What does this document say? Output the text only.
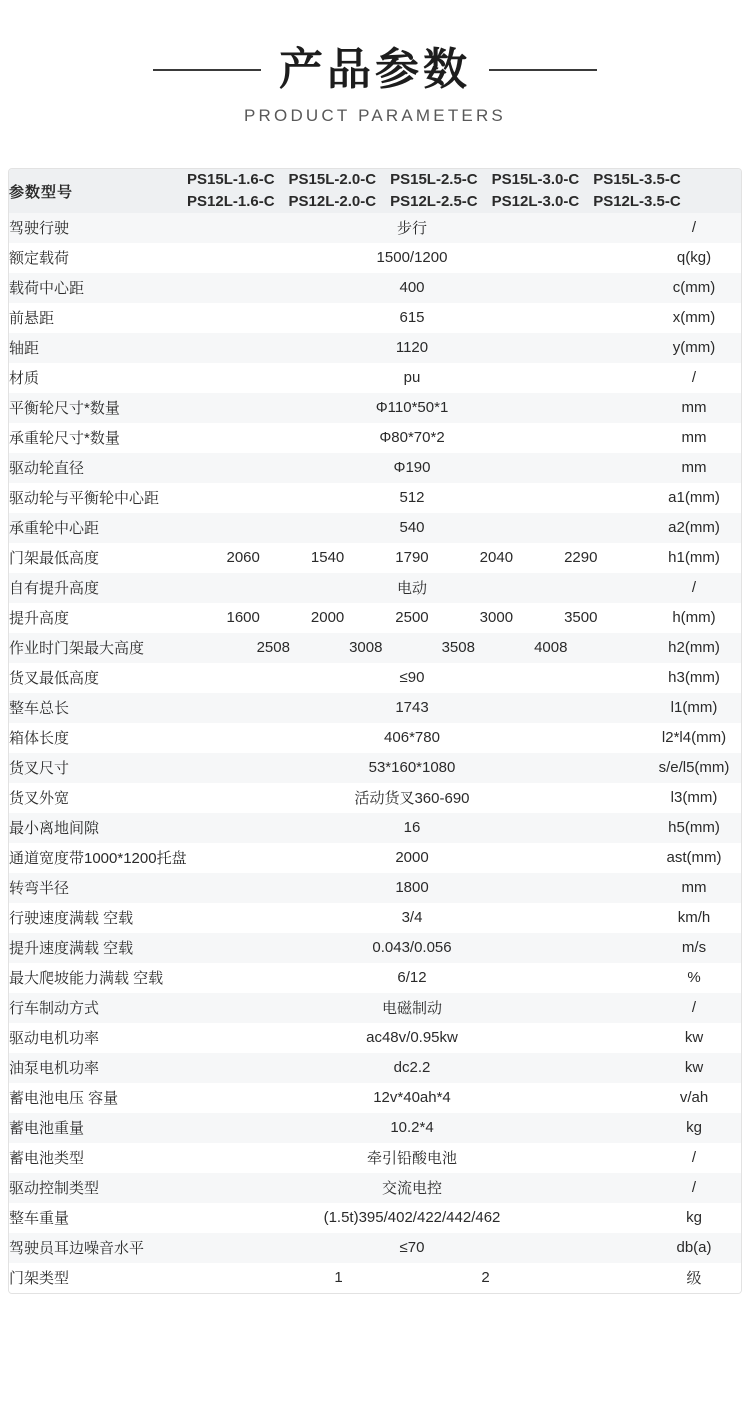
产品参数
PRODUCT PARAMETERS
参数型号	
PS15L-1.6-C PS15L-2.0-C PS15L-2.5-C PS15L-3.0-C PS15L-3.5-C
PS12L-1.6-C PS12L-2.0-C PS12L-2.5-C PS12L-3.0-C PS12L-3.5-C

驾驶行驶	步行	/
额定载荷	1500/1200	q(kg)
载荷中心距	400	c(mm)
前悬距	615	x(mm)
轴距	1120	y(mm)
材质	pu	/
平衡轮尺寸*数量	Φ110*50*1	mm
承重轮尺寸*数量	Φ80*70*2	mm
驱动轮直径	Φ190	mm
驱动轮与平衡轮中心距	512	a1(mm)
承重轮中心距	540	a2(mm)
门架最低高度	2060 1540 1790 2040 2290	h1(mm)
自有提升高度	电动	/
提升高度	1600 2000 2500 3000 3500	h(mm)
作业时门架最大高度	2508 3008 3508 4008	h2(mm)
货叉最低高度	≤90	h3(mm)
整车总长	1743	l1(mm)
箱体长度	406*780	l2*l4(mm)
货叉尺寸	53*160*1080	s/e/l5(mm)
货叉外宽	活动货叉360-690	l3(mm)
最小离地间隙	16	h5(mm)
通道宽度带1000*1200托盘	2000	ast(mm)
转弯半径	1800	mm
行驶速度满载 空载	3/4	km/h
提升速度满载 空载	0.043/0.056	m/s
最大爬坡能力满载 空载	6/12	%
行车制动方式	电磁制动	/
驱动电机功率	ac48v/0.95kw	kw
油泵电机功率	dc2.2	kw
蓄电池电压 容量	12v*40ah*4	v/ah
蓄电池重量	10.2*4	kg
蓄电池类型	牵引铅酸电池	/
驱动控制类型	交流电控	/
整车重量	(1.5t)395/402/422/442/462	kg
驾驶员耳边噪音水平	≤70	db(a)
门架类型	1 2	级
